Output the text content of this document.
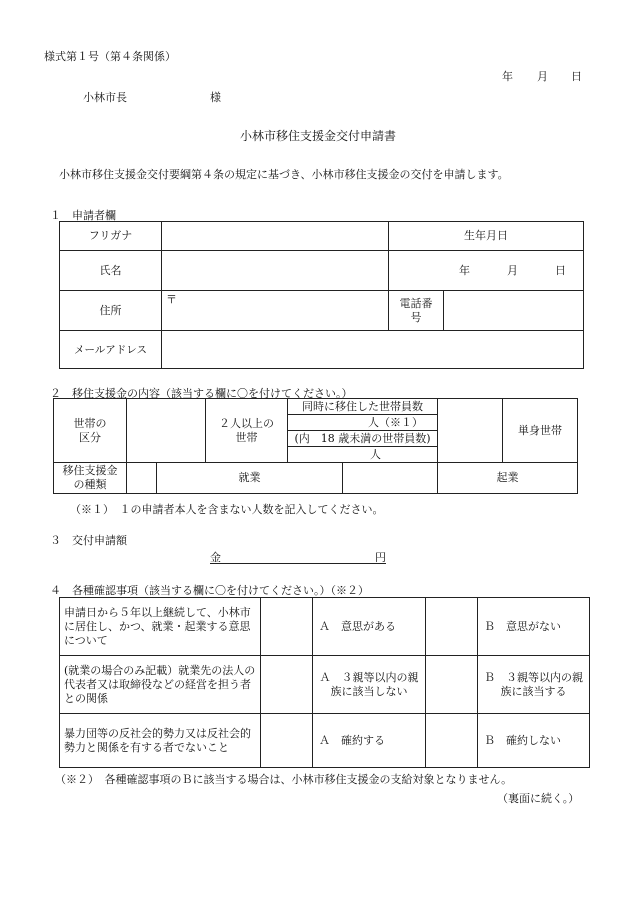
様式第１号（第４条関係）
年 月 日
小林市長	様
小林市移住支援金交付申請書
小林市移住支援金交付要綱第４条の規定に基づき、小林市移住支援金の交付を申請します。
１　申請者欄
フリガナ		生年月日	
氏名		年 月 日	
住所	〒	電話番号	
メールアドレス			
２　移住支援金の内容（該当する欄に〇を付けてください。）
世帯の区分			２人以上の世帯	同時に移住した世帯員数			単身世帯
				人（※１）			
				(内　18 歳未満の世帯員数)			
				人			
移住支援金の種類		就業				起業	
（※１）　１の申請者本人を含まない人数を記入してください。
３　交付申請額
金	円
４　各種確認事項（該当する欄に〇を付けてください。）（※２）
申請日から５年以上継続して、小林市に居住し、かつ、就業・起業する意思について		Ａ　意思がある		Ｂ　意思がない
(就業の場合のみ記載）就業先の法人の代表者又は取締役などの経営を担う者との関係		Ａ　３親等以内の親族に該当しない		Ｂ　３親等以内の親族に該当する
暴力団等の反社会的勢力又は反社会的勢力と関係を有する者でないこと		Ａ　確約する		Ｂ　確約しない
（※２）　各種確認事項のＢに該当する場合は、小林市移住支援金の支給対象となりません。
（裏面に続く。）
